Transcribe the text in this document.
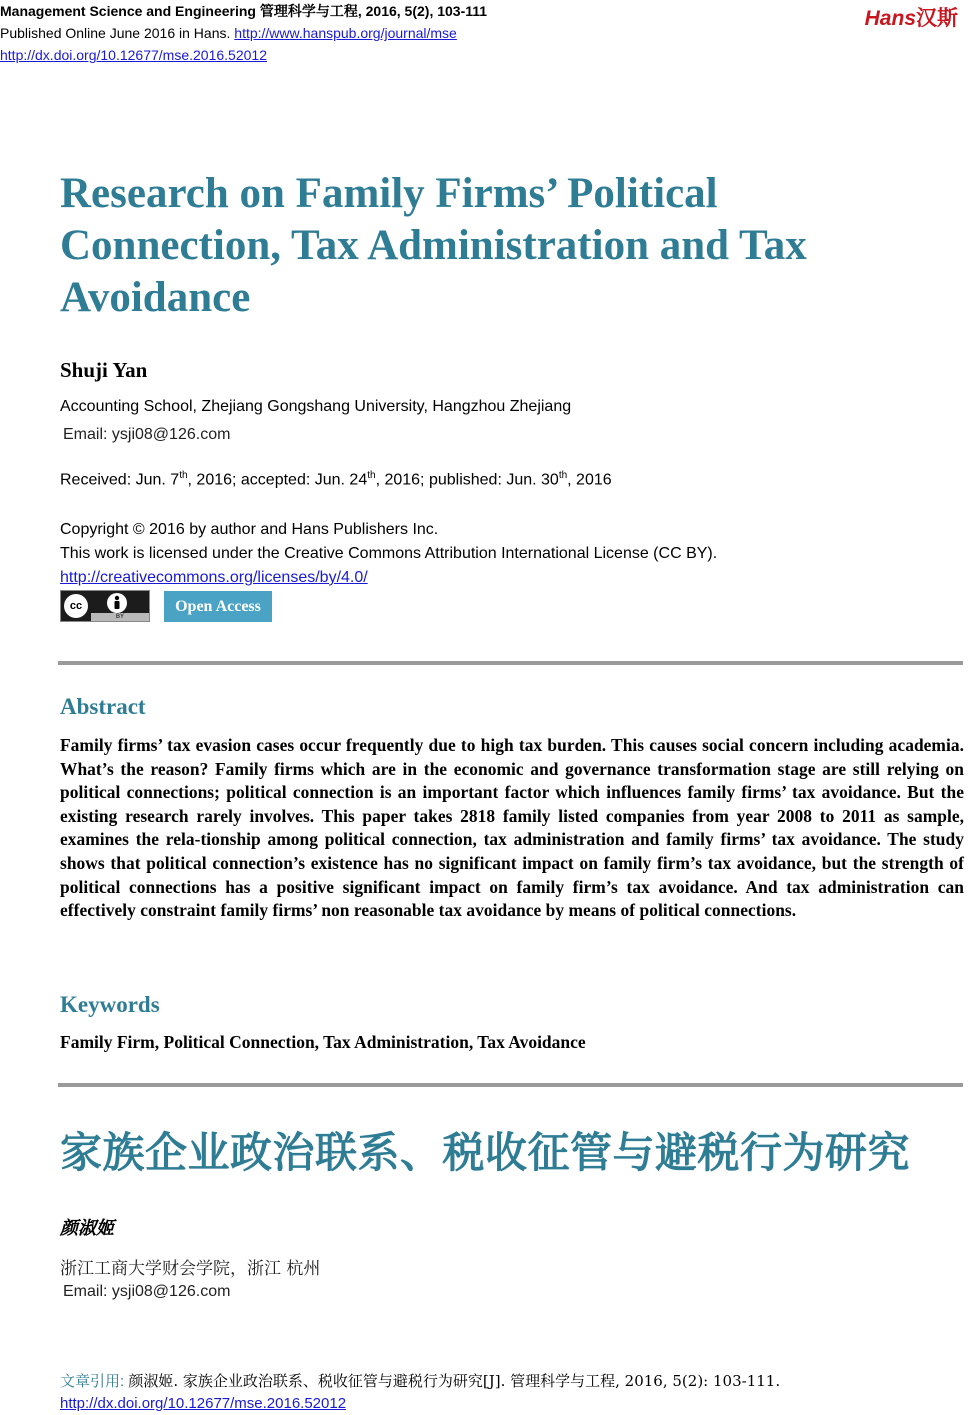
Management Science and Engineering 管理科学与工程, 2016, 5(2), 103-111
Published Online June 2016 in Hans. http://www.hanspub.org/journal/mse
http://dx.doi.org/10.12677/mse.2016.52012
Hans汉斯
Research on Family Firms’ Political Connection, Tax Administration and Tax Avoidance
Shuji Yan
Accounting School, Zhejiang Gongshang University, Hangzhou Zhejiang
Email: ysji08@126.com
Received: Jun. 7th, 2016; accepted: Jun. 24th, 2016; published: Jun. 30th, 2016
Copyright © 2016 by author and Hans Publishers Inc.
This work is licensed under the Creative Commons Attribution International License (CC BY).
http://creativecommons.org/licenses/by/4.0/
cc
BY
Open Access
Abstract

Family firms’ tax evasion cases occur frequently due to high tax burden. This causes social concern including academia. What’s the reason? Family firms which are in the economic and governance transformation stage are still relying on political connections; political connection is an important factor which influences family firms’ tax avoidance. But the existing research rarely involves. This paper takes 2818 family listed companies from year 2008 to 2011 as sample, examines the rela-tionship among political connection, tax administration and family firms’ tax avoidance. The study shows that political connection’s existence has no significant impact on family firm’s tax avoidance, but the strength of political connections has a positive significant impact on family firm’s tax avoidance. And tax administration can effectively constraint family firms’ non reasonable tax avoidance by means of political connections.

Keywords
Family Firm, Political Connection, Tax Administration, Tax Avoidance
家族企业政治联系、税收征管与避税行为研究
颜淑姬
浙江工商大学财会学院，浙江 杭州
Email: ysji08@126.com
文章引用: 颜淑姬. 家族企业政治联系、税收征管与避税行为研究[J]. 管理科学与工程, 2016, 5(2): 103-111.
http://dx.doi.org/10.12677/mse.2016.52012
